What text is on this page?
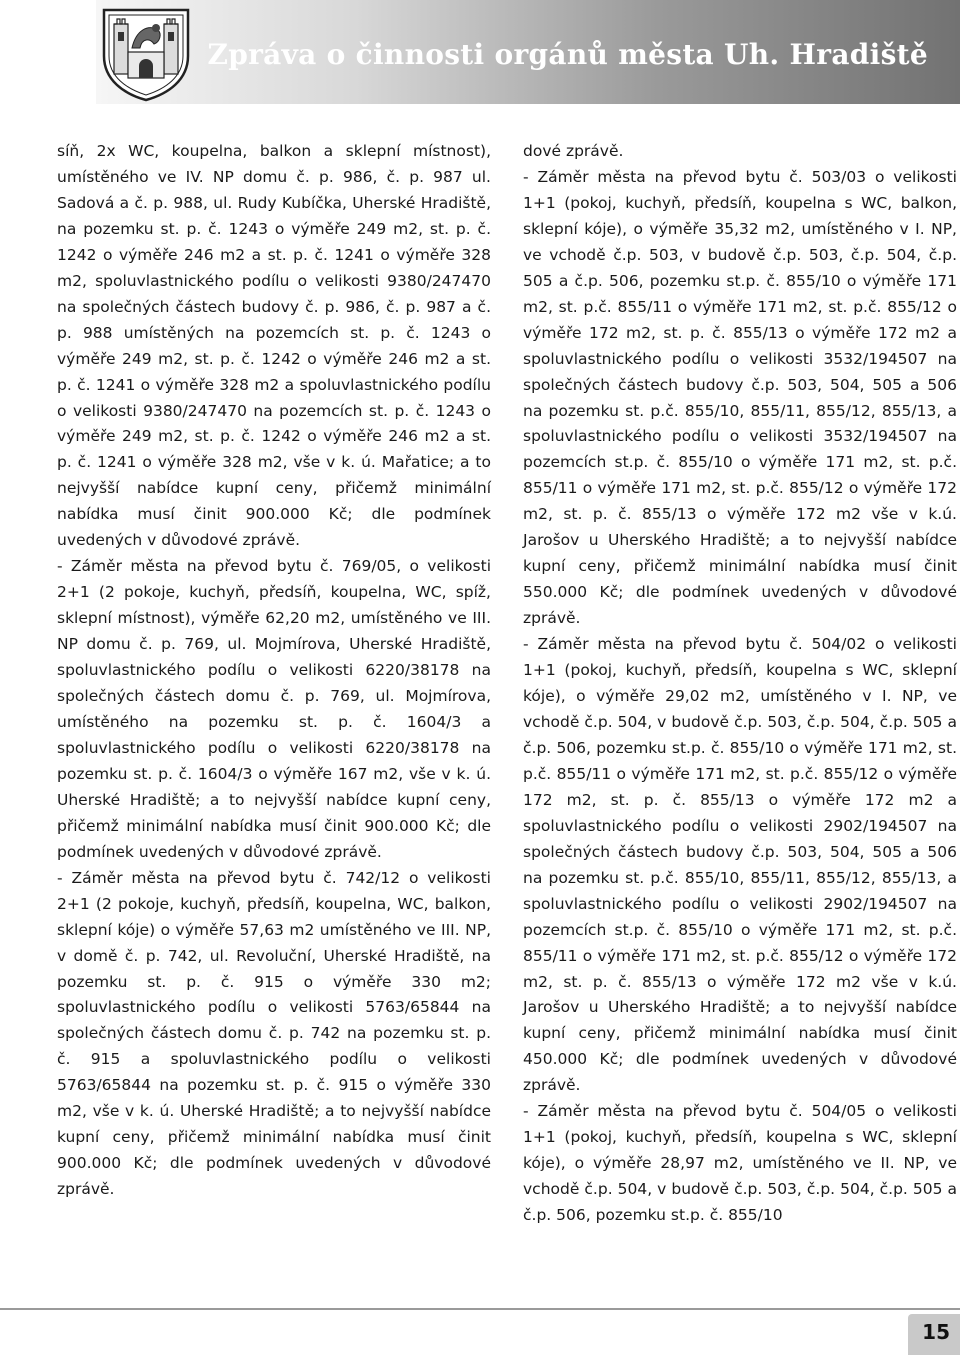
Zpráva o činnosti orgánů města Uh. Hradiště

síň, 2x WC, koupelna, balkon a sklepní místnost), umístěného ve IV. NP domu č. p. 986, č. p. 987 ul. Sadová a č. p. 988, ul. Rudy Kubíčka, Uherské Hradiště, na pozemku st. p. č. 1243 o výměře 249 m2, st. p. č. 1242 o výměře 246 m2 a st. p. č. 1241 o výměře 328 m2, spoluvlastnického podílu o velikosti 9380/247470 na společných částech budovy č. p. 986, č. p. 987 a č. p. 988 umístěných na pozemcích st. p. č. 1243 o výměře 249 m2, st. p. č. 1242 o výměře 246 m2 a st. p. č. 1241 o výměře 328 m2 a spoluvlastnického podílu o velikosti 9380/247470 na pozemcích st. p. č. 1243 o výměře 249 m2, st. p. č. 1242 o výměře 246 m2 a st. p. č. 1241 o výměře 328 m2, vše v k. ú. Mařatice; a to nejvyšší nabídce kupní ceny, přičemž minimální nabídka musí činit 900.000 Kč; dle podmínek uvedených v důvodové zprávě.

- Záměr města na převod bytu č. 769/05, o velikosti 2+1 (2 pokoje, kuchyň, předsíň, koupelna, WC, spíž, sklepní místnost), výměře 62,20 m2, umístěného ve III. NP domu č. p. 769, ul. Mojmírova, Uherské Hradiště, spoluvlastnického podílu o velikosti 6220/38178 na společných částech domu č. p. 769, ul. Mojmírova, umístěného na pozemku st. p. č. 1604/3 a spoluvlastnického podílu o velikosti 6220/38178 na pozemku st. p. č. 1604/3 o výměře 167 m2, vše v k. ú. Uherské Hradiště; a to nejvyšší nabídce kupní ceny, přičemž minimální nabídka musí činit 900.000 Kč; dle podmínek uvedených v důvodové zprávě.

- Záměr města na převod bytu č. 742/12 o velikosti 2+1 (2 pokoje, kuchyň, předsíň, koupelna, WC, balkon, sklepní kóje) o výměře 57,63 m2 umístěného ve III. NP, v domě č. p. 742, ul. Revoluční, Uherské Hradiště, na pozemku st. p. č. 915 o výměře 330 m2; spoluvlastnického podílu o velikosti 5763/65844 na společných částech domu č. p. 742 na pozemku st. p. č. 915 a spoluvlastnického podílu o velikosti 5763/65844 na pozemku st. p. č. 915 o výměře 330 m2, vše v k. ú. Uherské Hradiště; a to nejvyšší nabídce kupní ceny, přičemž minimální nabídka musí činit 900.000 Kč; dle podmínek uvedených v důvodové zprávě.

dové zprávě.

- Záměr města na převod bytu č. 503/03 o velikosti 1+1 (pokoj, kuchyň, předsíň, koupelna s WC, balkon, sklepní kóje), o výměře 35,32 m2, umístěného v I. NP, ve vchodě č.p. 503, v budově č.p. 503, č.p. 504, č.p. 505 a č.p. 506, pozemku st.p. č. 855/10 o výměře 171 m2, st. p.č. 855/11 o výměře 171 m2, st. p.č. 855/12 o výměře 172 m2, st. p. č. 855/13 o výměře 172 m2 a spoluvlastnického podílu o velikosti 3532/194507 na společných částech budovy č.p. 503, 504, 505 a 506 na pozemku st. p.č. 855/10, 855/11, 855/12, 855/13, a spoluvlastnického podílu o velikosti 3532/194507 na pozemcích st.p. č. 855/10 o výměře 171 m2, st. p.č. 855/11 o výměře 171 m2, st. p.č. 855/12 o výměře 172 m2, st. p. č. 855/13 o výměře 172 m2 vše v k.ú. Jarošov u Uherského Hradiště; a to nejvyšší nabídce kupní ceny, přičemž minimální nabídka musí činit 550.000 Kč; dle podmínek uvedených v důvodové zprávě.

- Záměr města na převod bytu č. 504/02 o velikosti 1+1 (pokoj, kuchyň, předsíň, koupelna s WC, sklepní kóje), o výměře 29,02 m2, umístěného v I. NP, ve vchodě č.p. 504, v budově č.p. 503, č.p. 504, č.p. 505 a č.p. 506, pozemku st.p. č. 855/10 o výměře 171 m2, st. p.č. 855/11 o výměře 171 m2, st. p.č. 855/12 o výměře 172 m2, st. p. č. 855/13 o výměře 172 m2 a spoluvlastnického podílu o velikosti 2902/194507 na společných částech budovy č.p. 503, 504, 505 a 506 na pozemku st. p.č. 855/10, 855/11, 855/12, 855/13, a spoluvlastnického podílu o velikosti 2902/194507 na pozemcích st.p. č. 855/10 o výměře 171 m2, st. p.č. 855/11 o výměře 171 m2, st. p.č. 855/12 o výměře 172 m2, st. p. č. 855/13 o výměře 172 m2 vše v k.ú. Jarošov u Uherského Hradiště; a to nejvyšší nabídce kupní ceny, přičemž minimální nabídka musí činit 450.000 Kč; dle podmínek uvedených v důvodové zprávě.

- Záměr města na převod bytu č. 504/05 o velikosti 1+1 (pokoj, kuchyň, předsíň, koupelna s WC, sklepní kóje), o výměře 28,97 m2, umístěného ve II. NP, ve vchodě č.p. 504, v budově č.p. 503, č.p. 504, č.p. 505 a č.p. 506, pozemku st.p. č. 855/10

15
